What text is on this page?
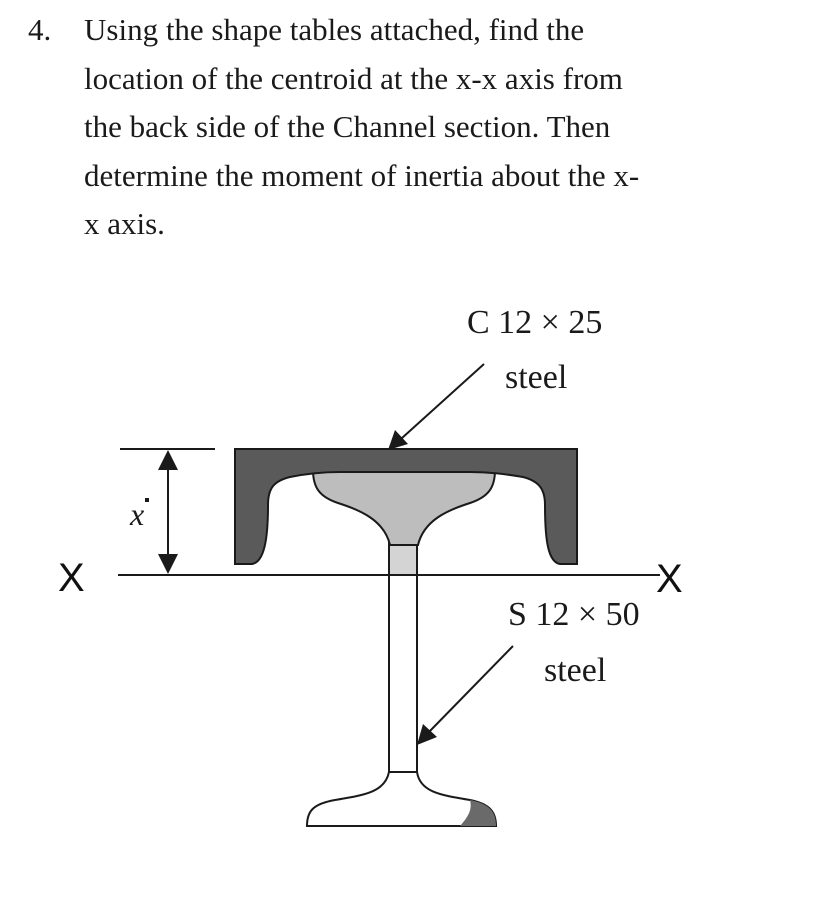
4. Using the shape tables attached, find the
location of the centroid at the x-x axis from
the back side of the Channel section. Then
determine the moment of inertia about the x-
x axis.
x
X	X
C 12 × 25
steel
S 12 × 50
steel
